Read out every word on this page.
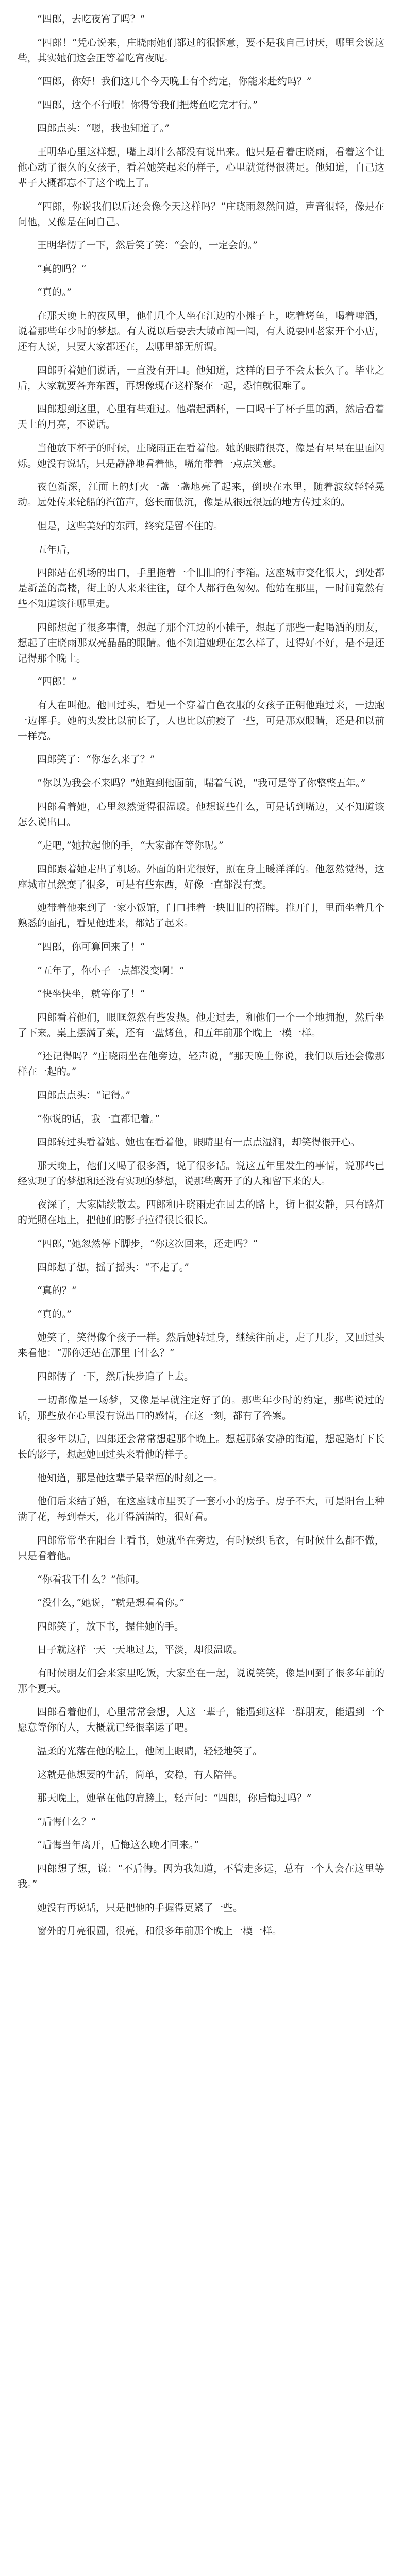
“四郎，去吃夜宵了吗？”

“四郎！”凭心说来，庄晓雨她们都过的很惬意，要不是我自己讨厌，哪里会说这些，其实她们这会正等着吃宵夜呢。

“四郎，你好！我们这几个今天晚上有个约定，你能来赴约吗？”

“四郎，这个不行哦！你得等我们把烤鱼吃完才行。”

四郎点头：“嗯，我也知道了。”

王明华心里这样想，嘴上却什么都没有说出来。他只是看着庄晓雨，看着这个让他心动了很久的女孩子，看着她笑起来的样子，心里就觉得很满足。他知道，自己这辈子大概都忘不了这个晚上了。

“四郎，你说我们以后还会像今天这样吗？”庄晓雨忽然问道，声音很轻，像是在问他，又像是在问自己。

王明华愣了一下，然后笑了笑：“会的，一定会的。”

“真的吗？”

“真的。”

在那天晚上的夜风里，他们几个人坐在江边的小摊子上，吃着烤鱼，喝着啤酒，说着那些年少时的梦想。有人说以后要去大城市闯一闯，有人说要回老家开个小店，还有人说，只要大家都还在，去哪里都无所谓。

四郎听着她们说话，一直没有开口。他知道，这样的日子不会太长久了。毕业之后，大家就要各奔东西，再想像现在这样聚在一起，恐怕就很难了。

四郎想到这里，心里有些难过。他端起酒杯，一口喝干了杯子里的酒，然后看着天上的月亮，不说话。

当他放下杯子的时候，庄晓雨正在看着他。她的眼睛很亮，像是有星星在里面闪烁。她没有说话，只是静静地看着他，嘴角带着一点点笑意。

夜色渐深，江面上的灯火一盏一盏地亮了起来，倒映在水里，随着波纹轻轻晃动。远处传来轮船的汽笛声，悠长而低沉，像是从很远很远的地方传过来的。

但是，这些美好的东西，终究是留不住的。

五年后，

四郎站在机场的出口，手里拖着一个旧旧的行李箱。这座城市变化很大，到处都是新盖的高楼，街上的人来来往往，每个人都行色匆匆。他站在那里，一时间竟然有些不知道该往哪里走。

四郎想起了很多事情，想起了那个江边的小摊子，想起了那些一起喝酒的朋友，想起了庄晓雨那双亮晶晶的眼睛。他不知道她现在怎么样了，过得好不好，是不是还记得那个晚上。

“四郎！”

有人在叫他。他回过头，看见一个穿着白色衣服的女孩子正朝他跑过来，一边跑一边挥手。她的头发比以前长了，人也比以前瘦了一些，可是那双眼睛，还是和以前一样亮。

四郎笑了：“你怎么来了？”

“你以为我会不来吗？”她跑到他面前，喘着气说，“我可是等了你整整五年。”

四郎看着她，心里忽然觉得很温暖。他想说些什么，可是话到嘴边，又不知道该怎么说出口。

“走吧，”她拉起他的手，“大家都在等你呢。”

四郎跟着她走出了机场。外面的阳光很好，照在身上暖洋洋的。他忽然觉得，这座城市虽然变了很多，可是有些东西，好像一直都没有变。

她带着他来到了一家小饭馆，门口挂着一块旧旧的招牌。推开门，里面坐着几个熟悉的面孔，看见他进来，都站了起来。

“四郎，你可算回来了！”

“五年了，你小子一点都没变啊！”

“快坐快坐，就等你了！”

四郎看着他们，眼眶忽然有些发热。他走过去，和他们一个一个地拥抱，然后坐了下来。桌上摆满了菜，还有一盘烤鱼，和五年前那个晚上一模一样。

“还记得吗？”庄晓雨坐在他旁边，轻声说，“那天晚上你说，我们以后还会像那样在一起的。”

四郎点点头：“记得。”

“你说的话，我一直都记着。”

四郎转过头看着她。她也在看着他，眼睛里有一点点湿润，却笑得很开心。

那天晚上，他们又喝了很多酒，说了很多话。说这五年里发生的事情，说那些已经实现了的梦想和还没有实现的梦想，说那些离开了的人和留下来的人。

夜深了，大家陆续散去。四郎和庄晓雨走在回去的路上，街上很安静，只有路灯的光照在地上，把他们的影子拉得很长很长。

“四郎，”她忽然停下脚步，“你这次回来，还走吗？”

四郎想了想，摇了摇头：“不走了。”

“真的？”

“真的。”

她笑了，笑得像个孩子一样。然后她转过身，继续往前走，走了几步，又回过头来看他：“那你还站在那里干什么？”

四郎愣了一下，然后快步追了上去。

一切都像是一场梦，又像是早就注定好了的。那些年少时的约定，那些说过的话，那些放在心里没有说出口的感情，在这一刻，都有了答案。

很多年以后，四郎还会常常想起那个晚上。想起那条安静的街道，想起路灯下长长的影子，想起她回过头来看他的样子。

他知道，那是他这辈子最幸福的时刻之一。

他们后来结了婚，在这座城市里买了一套小小的房子。房子不大，可是阳台上种满了花，每到春天，花开得满满的，很好看。

四郎常常坐在阳台上看书，她就坐在旁边，有时候织毛衣，有时候什么都不做，只是看着他。

“你看我干什么？”他问。

“没什么，”她说，“就是想看看你。”

四郎笑了，放下书，握住她的手。

日子就这样一天一天地过去，平淡，却很温暖。

有时候朋友们会来家里吃饭，大家坐在一起，说说笑笑，像是回到了很多年前的那个夏天。

四郎看着他们，心里常常会想，人这一辈子，能遇到这样一群朋友，能遇到一个愿意等你的人，大概就已经很幸运了吧。

温柔的光落在他的脸上，他闭上眼睛，轻轻地笑了。

这就是他想要的生活，简单，安稳，有人陪伴。

那天晚上，她靠在他的肩膀上，轻声问：“四郎，你后悔过吗？”

“后悔什么？”

“后悔当年离开，后悔这么晚才回来。”

四郎想了想，说：“不后悔。因为我知道，不管走多远，总有一个人会在这里等我。”

她没有再说话，只是把他的手握得更紧了一些。

窗外的月亮很圆，很亮，和很多年前那个晚上一模一样。
